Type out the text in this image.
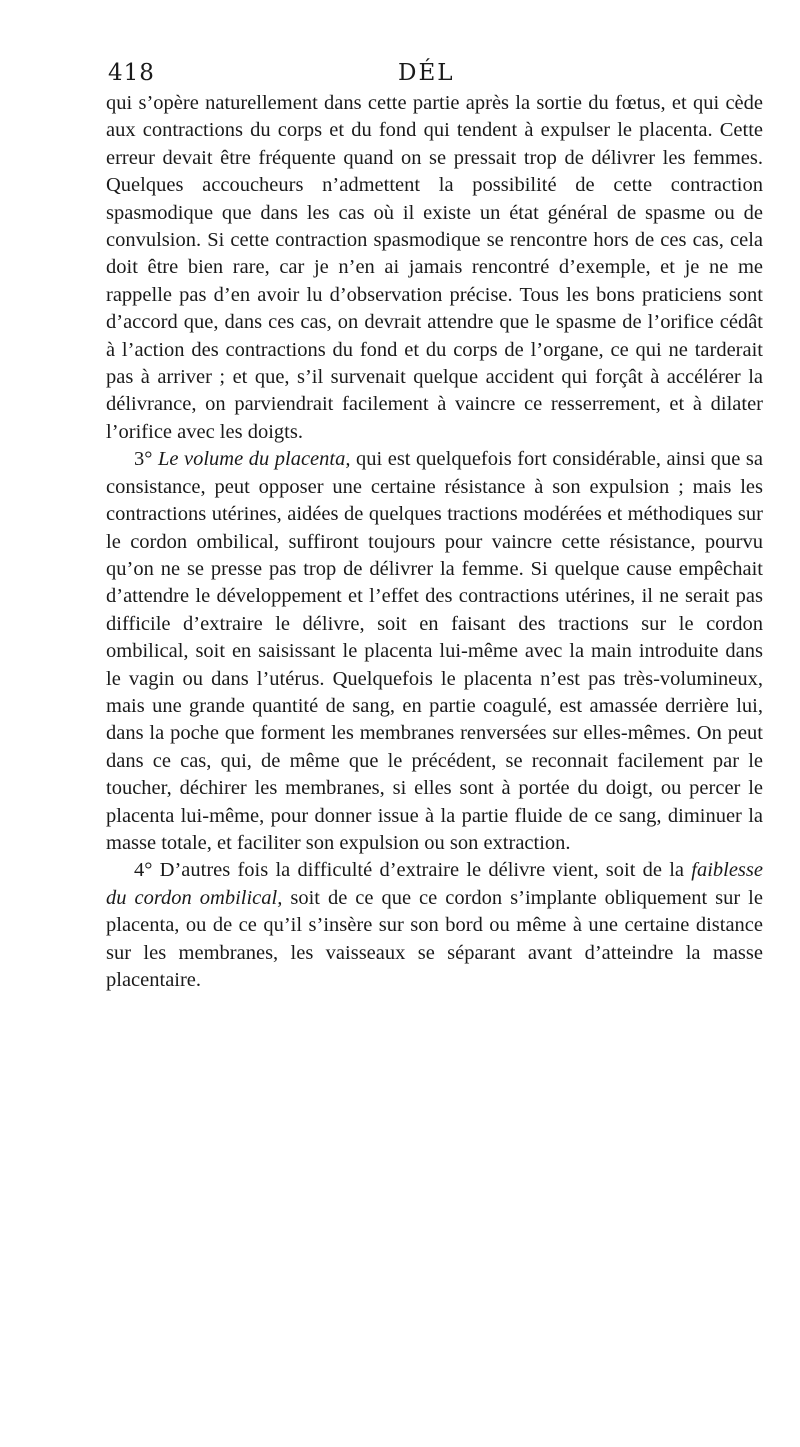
418	DÉL

qui s’opère naturellement dans cette partie après la sortie du fœtus, et qui cède aux contractions du corps et du fond qui tendent à expulser le placenta. Cette erreur devait être fréquente quand on se pressait trop de délivrer les femmes. Quelques accoucheurs n’admettent la possibilité de cette contraction spasmodique que dans les cas où il existe un état général de spasme ou de convulsion. Si cette contraction spasmodique se rencontre hors de ces cas, cela doit être bien rare, car je n’en ai jamais rencontré d’exemple, et je ne me rappelle pas d’en avoir lu d’observation précise. Tous les bons praticiens sont d’accord que, dans ces cas, on devrait attendre que le spasme de l’orifice cédât à l’action des contractions du fond et du corps de l’organe, ce qui ne tarderait pas à arriver ; et que, s’il survenait quelque accident qui forçât à accélérer la délivrance, on parviendrait facilement à vaincre ce resserrement, et à dilater l’orifice avec les doigts.

3° Le volume du placenta, qui est quelquefois fort considérable, ainsi que sa consistance, peut opposer une certaine résistance à son expulsion ; mais les contractions utérines, aidées de quelques tractions modérées et méthodiques sur le cordon ombilical, suffiront toujours pour vaincre cette résistance, pourvu qu’on ne se presse pas trop de délivrer la femme. Si quelque cause empêchait d’attendre le développement et l’effet des contractions utérines, il ne serait pas difficile d’extraire le délivre, soit en faisant des tractions sur le cordon ombilical, soit en saisissant le placenta lui-même avec la main introduite dans le vagin ou dans l’utérus. Quelquefois le placenta n’est pas très-volumineux, mais une grande quantité de sang, en partie coagulé, est amassée derrière lui, dans la poche que forment les membranes renversées sur elles-mêmes. On peut dans ce cas, qui, de même que le précédent, se reconnait facilement par le toucher, déchirer les membranes, si elles sont à portée du doigt, ou percer le placenta lui-même, pour donner issue à la partie fluide de ce sang, diminuer la masse totale, et faciliter son expulsion ou son extraction.

4° D’autres fois la difficulté d’extraire le délivre vient, soit de la faiblesse du cordon ombilical, soit de ce que ce cordon s’implante obliquement sur le placenta, ou de ce qu’il s’insère sur son bord ou même à une certaine distance sur les membranes, les vaisseaux se séparant avant d’atteindre la masse placentaire.
